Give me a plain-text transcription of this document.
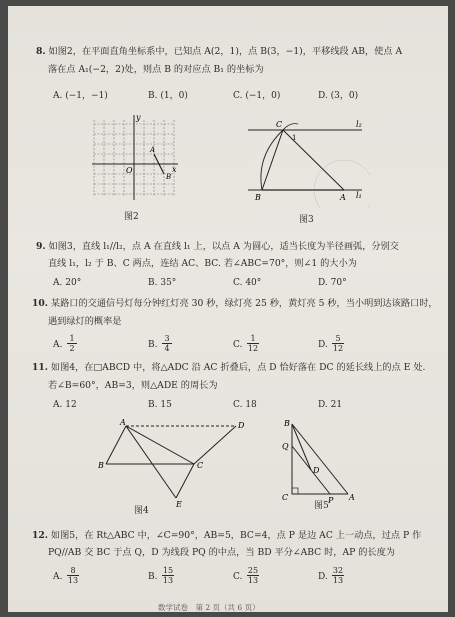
8. 如图2，在平面直角坐标系中，已知点 A(2，1)，点 B(3，−1)，平移线段 AB，使点 A
落在点 A₁(−2，2)处，则点 B 的对应点 B₁ 的坐标为
A. (−1，−1)	B. (1，0)	C. (−1，0)	D. (3，0)
y
x
O
A
B
图2
C
1
l₂
l₁
B	A
图3
9. 如图3，直线 l₁//l₂，点 A 在直线 l₁ 上，以点 A 为圆心，适当长度为半径画弧，分别交
直线 l₁，l₂ 于 B、C 两点，连结 AC、BC. 若∠ABC=70°，则∠1 的大小为
A. 20°	B. 35°	C. 40°	D. 70°
10. 某路口的交通信号灯每分钟红灯亮 30 秒，绿灯亮 25 秒，黄灯亮 5 秒，当小明到达该路口时，
遇到绿灯的概率是
A.
1
2	B.
3
4	C.
1
12	D.
5
12
11. 如图4，在□ABCD 中，将△ADC 沿 AC 折叠后，点 D 恰好落在 DC 的延长线上的点 E 处.
若∠B=60°，AB=3，则△ADE 的周长为
A. 12	B. 15	C. 18	D. 21
A	D
B	C
E
图4
B
Q
D
C	P A
图5
12. 如图5，在 Rt△ABC 中，∠C=90°，AB=5，BC=4，点 P 是边 AC 上一动点，过点 P 作
PQ//AB 交 BC 于点 Q，D 为线段 PQ 的中点，当 BD 平分∠ABC 时，AP 的长度为
A.
8
13	B.
15
13	C.
25
13	D.
32
13
数学试卷　第 2 页（共 6 页）
